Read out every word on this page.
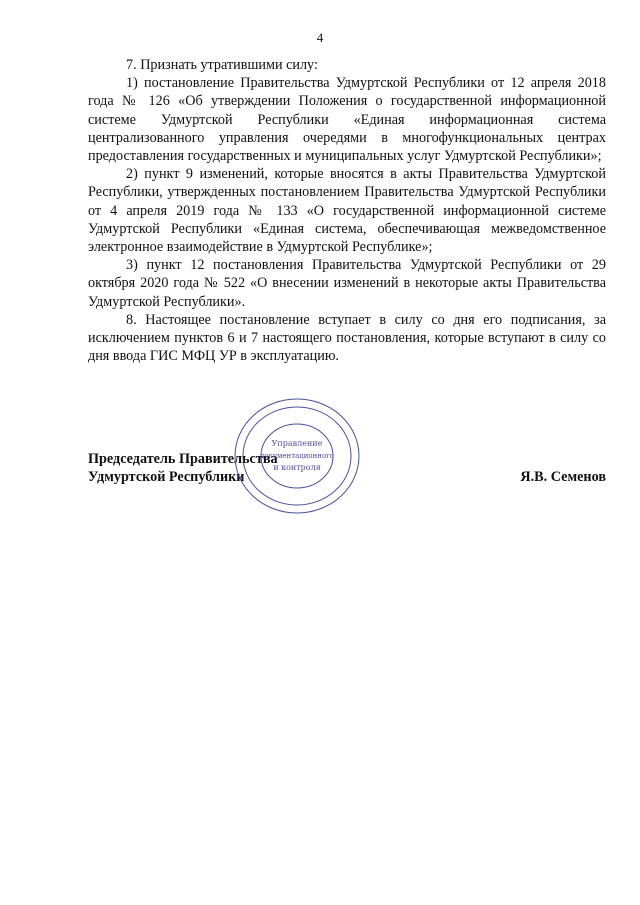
4

7. Признать утратившими силу:

1) постановление Правительства Удмуртской Республики от 12 апреля 2018 года № 126 «Об утверждении Положения о государственной информационной системе Удмуртской Республики «Единая информационная система централизованного управления очередями в многофункциональных центрах предоставления государственных и муниципальных услуг Удмуртской Республики»;

2) пункт 9 изменений, которые вносятся в акты Правительства Удмуртской Республики, утвержденных постановлением Правительства Удмуртской Республики от 4 апреля 2019 года № 133 «О государственной информационной системе Удмуртской Республики «Единая система, обеспечивающая межведомственное электронное взаимодействие в Удмуртской Республике»;

3) пункт 12 постановления Правительства Удмуртской Республики от 29 октября 2020 года № 522 «О внесении изменений в некоторые акты Правительства Удмуртской Республики».

8. Настоящее постановление вступает в силу со дня его подписания, за исключением пунктов 6 и 7 настоящего постановления, которые вступают в силу со дня ввода ГИС МФЦ УР в эксплуатацию.

Председатель Правительства
Удмуртской Республики	Я.В. Семенов
Управление
документационного
и контроля
